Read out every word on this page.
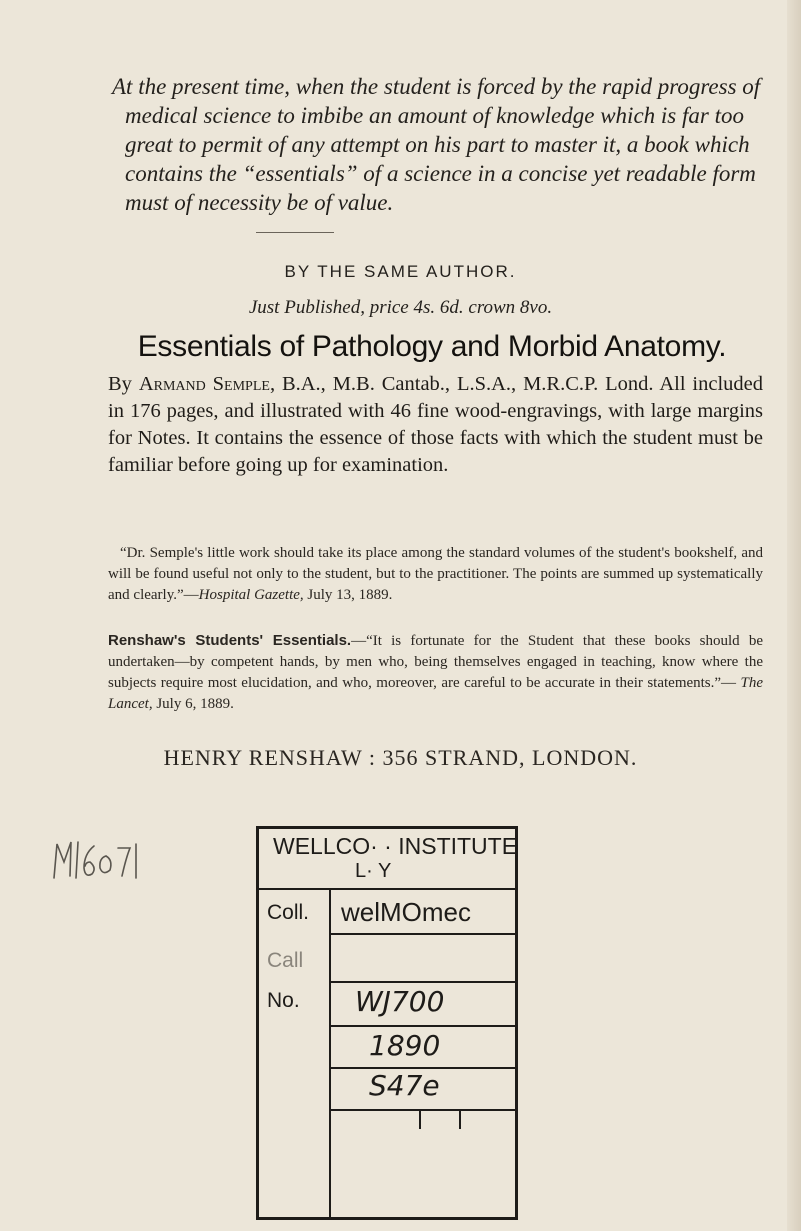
At the present time, when the student is forced by the rapid progress of medical science to imbibe an amount of knowledge which is far too great to permit of any attempt on his part to master it, a book which contains the “essentials” of a science in a concise yet readable form must of necessity be of value.
BY THE SAME AUTHOR.
Just Published, price 4s. 6d. crown 8vo.
Essentials of Pathology and Morbid Anatomy.
By Armand Semple, B.A., M.B. Cantab., L.S.A., M.R.C.P. Lond. All included in 176 pages, and illustrated with 46 fine wood-engravings, with large margins for Notes. It contains the essence of those facts with which the student must be familiar before going up for examination.
“Dr. Semple's little work should take its place among the standard volumes of the student's bookshelf, and will be found useful not only to the student, but to the practitioner. The points are summed up systematically and clearly.”—Hospital Gazette, July 13, 1889.
Renshaw's Students' Essentials.—“It is fortunate for the Student that these books should be undertaken—by competent hands, by men who, being themselves engaged in teaching, know where the subjects require most elucidation, and who, moreover, are careful to be accurate in their statements.”— The Lancet, July 6, 1889.
HENRY RENSHAW : 356 STRAND, LONDON.
WELLCO· · INSTITUTE
L· Y
Coll. welMOmec
Call
No. WJ700
1890
S47e
